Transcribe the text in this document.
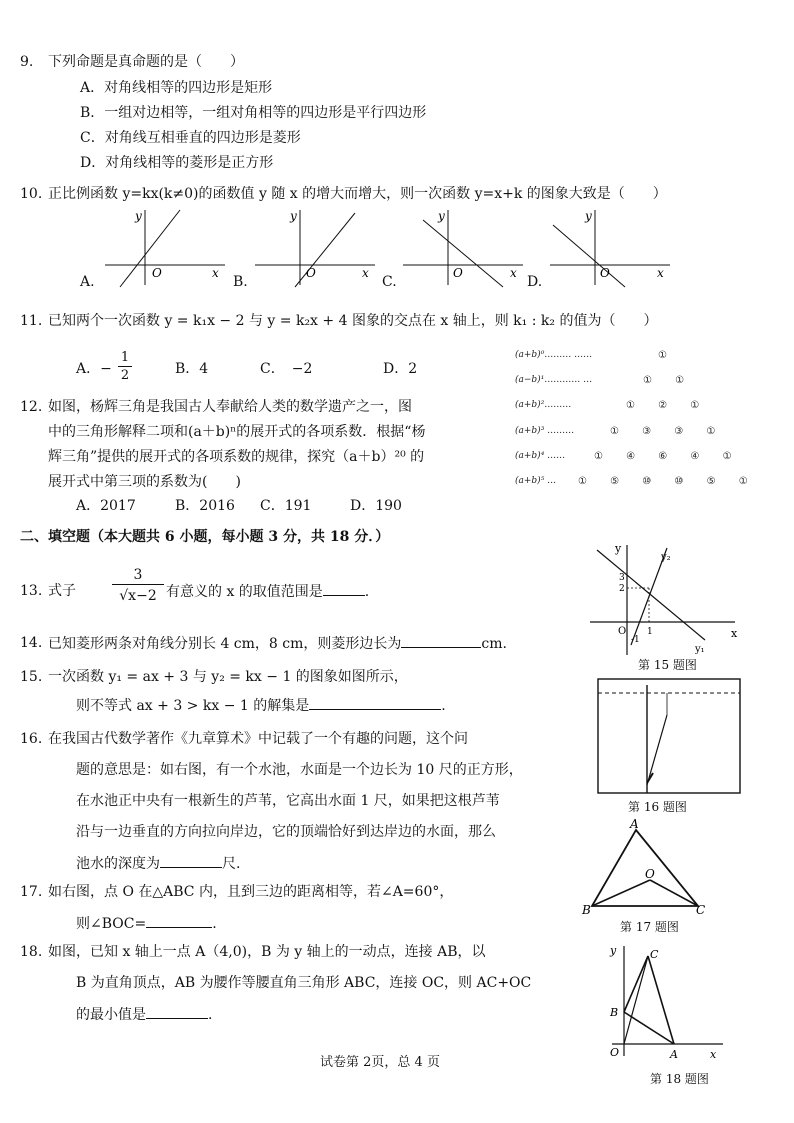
9. 下列命题是真命题的是（　　）
A．对角线相等的四边形是矩形
B．一组对边相等，一组对角相等的四边形是平行四边形
C．对角线互相垂直的四边形是菱形
D．对角线相等的菱形是正方形
10. 正比例函数 y=kx(k≠0)的函数值 y 随 x 的增大而增大，则一次函数 y=x+k 的图象大致是（　　）
A.
y
O	x
B.
y
O	x
C.
y
O	x
D.
y
O	x
11. 已知两个一次函数 y = k₁x − 2 与 y = k₂x + 4 图象的交点在 x 轴上，则 k₁ : k₂ 的值为（　　）
A．−
1
2	B．4	C．　−2	D．2
(a+b)⁰……… ……	①
(a−b)¹………… …	① ①
(a+b)²………	① ② ①
(a+b)³ ………	① ③ ③ ①
(a+b)⁴ ……	① ④ ⑥ ④ ①
(a+b)⁵ … ① ⑤ ⑩ ⑩ ⑤ ①
12. 如图，杨辉三角是我国古人奉献给人类的数学遗产之一，图
中的三角形解释二项和(a＋b)ⁿ的展开式的各项系数．根据“杨
辉三角”提供的展开式的各项系数的规律，探究（a＋b）²⁰ 的
展开式中第三项的系数为(　　)
A．2017	B．2016 C．191	D．190
二、填空题（本大题共 6 小题，每小题 3 分，共 18 分．）
13. 式子
3
√x−2 有意义的 x 的取值范围是	.
14. 已知菱形两条对角线分别长 4 cm，8 cm，则菱形边长为	cm.
15. 一次函数 y₁ = ax + 3 与 y₂ = kx − 1 的图象如图所示，
则不等式 ax + 3 > kx − 1 的解集是	.
y
x
y₂
y₁
O
3
2
1
-1
第 15 题图
16. 在我国古代数学著作《九章算术》中记载了一个有趣的问题，这个问
题的意思是：如右图，有一个水池，水面是一个边长为 10 尺的正方形，
在水池正中央有一根新生的芦苇，它高出水面 1 尺，如果把这根芦苇
沿与一边垂直的方向拉向岸边，它的顶端恰好到达岸边的水面，那么
池水的深度为	尺.
第 16 题图
17. 如右图，点 O 在△ABC 内，且到三边的距离相等，若∠A=60°，
则∠BOC=	.
A
B	C
O
第 17 题图
18. 如图，已知 x 轴上一点 A（4,0)，B 为 y 轴上的一动点，连接 AB，以
B 为直角顶点，AB 为腰作等腰直角三角形 ABC，连接 OC，则 AC+OC
的最小值是	.
y
x
O	A
B
C
第 18 题图
试卷第 2页，总 4 页
